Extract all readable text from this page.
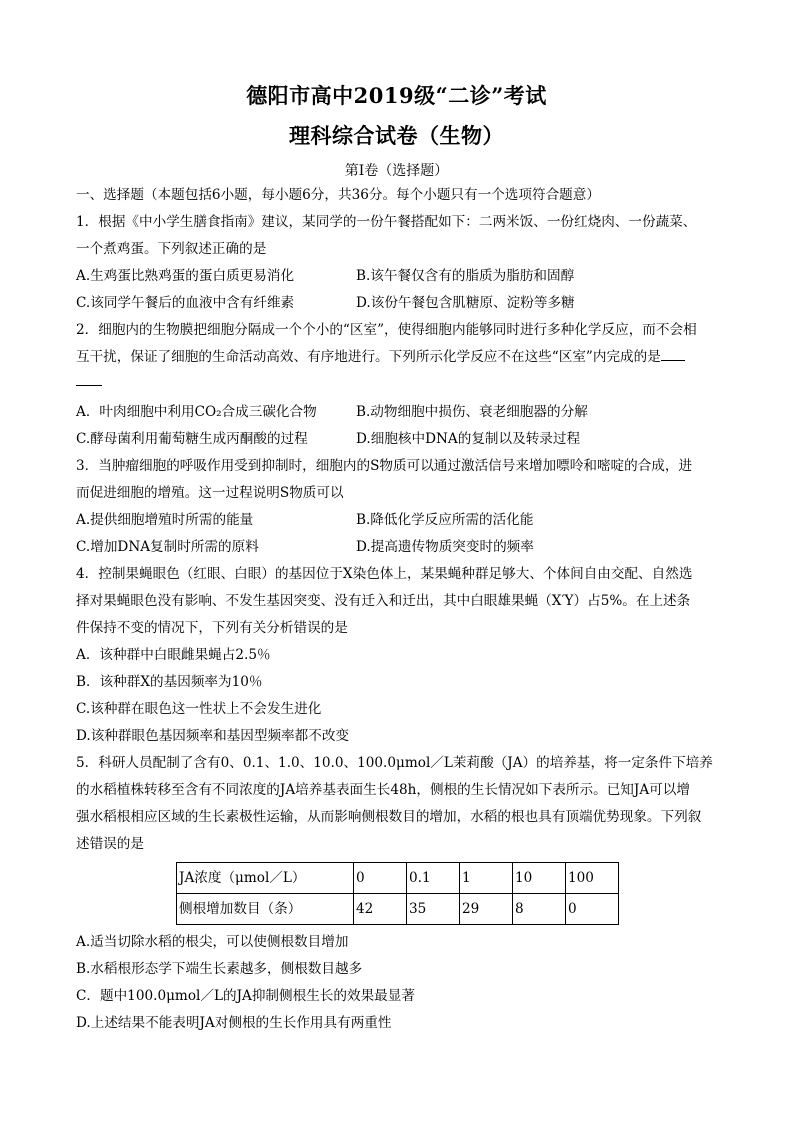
德阳市高中2019级“二诊”考试
理科综合试卷（生物）
第Ⅰ卷（选择题）
一、选择题（本题包括6小题，每小题6分，共36分。每个小题只有一个选项符合题意）
1．根据《中小学生膳食指南》建议，某同学的一份午餐搭配如下：二两米饭、一份红烧肉、一份蔬菜、
一个煮鸡蛋。下列叙述正确的是
A.生鸡蛋比熟鸡蛋的蛋白质更易消化	B.该午餐仅含有的脂质为脂肪和固醇
C.该同学午餐后的血液中含有纤维素	D.该份午餐包含肌糖原、淀粉等多糖
2．细胞内的生物膜把细胞分隔成一个个小的“区室”，使得细胞内能够同时进行多种化学反应，而不会相
互干扰，保证了细胞的生命活动高效、有序地进行。下列所示化学反应不在这些“区室”内完成的是
A．叶肉细胞中利用CO₂合成三碳化合物	B.动物细胞中损伤、衰老细胞器的分解
C.酵母菌利用葡萄糖生成丙酮酸的过程	D.细胞核中DNA的复制以及转录过程
3．当肿瘤细胞的呼吸作用受到抑制时，细胞内的S物质可以通过激活信号来增加嘌呤和嘧啶的合成，进
而促进细胞的增殖。这一过程说明S物质可以
A.提供细胞增殖时所需的能量	B.降低化学反应所需的活化能
C.增加DNA复制时所需的原料	D.提高遗传物质突变时的频率
4．控制果蝇眼色（红眼、白眼）的基因位于X染色体上，某果蝇种群足够大、个体间自由交配、自然选
择对果蝇眼色没有影响、不发生基因突变、没有迁入和迁出，其中白眼雄果蝇（X′Y）占5%。在上述条
件保持不变的情况下，下列有关分析错误的是
A．该种群中白眼雌果蝇占2.5％
B．该种群X的基因频率为10％
C.该种群在眼色这一性状上不会发生进化
D.该种群眼色基因频率和基因型频率都不改变
5．科研人员配制了含有0、0.1、1.0、10.0、100.0μmol／L茉莉酸（JA）的培养基，将一定条件下培养
的水稻植株转移至含有不同浓度的JA培养基表面生长48h，侧根的生长情况如下表所示。已知JA可以增
强水稻根相应区域的生长素极性运输，从而影响侧根数目的增加，水稻的根也具有顶端优势现象。下列叙
述错误的是
JA浓度（μmol／L）	0	0.1	1	10	100
侧根增加数目（条）	42	35	29	8	0
A.适当切除水稻的根尖，可以使侧根数目增加
B.水稻根形态学下端生长素越多，侧根数目越多
C．题中100.0μmol／L的JA抑制侧根生长的效果最显著
D.上述结果不能表明JA对侧根的生长作用具有两重性
